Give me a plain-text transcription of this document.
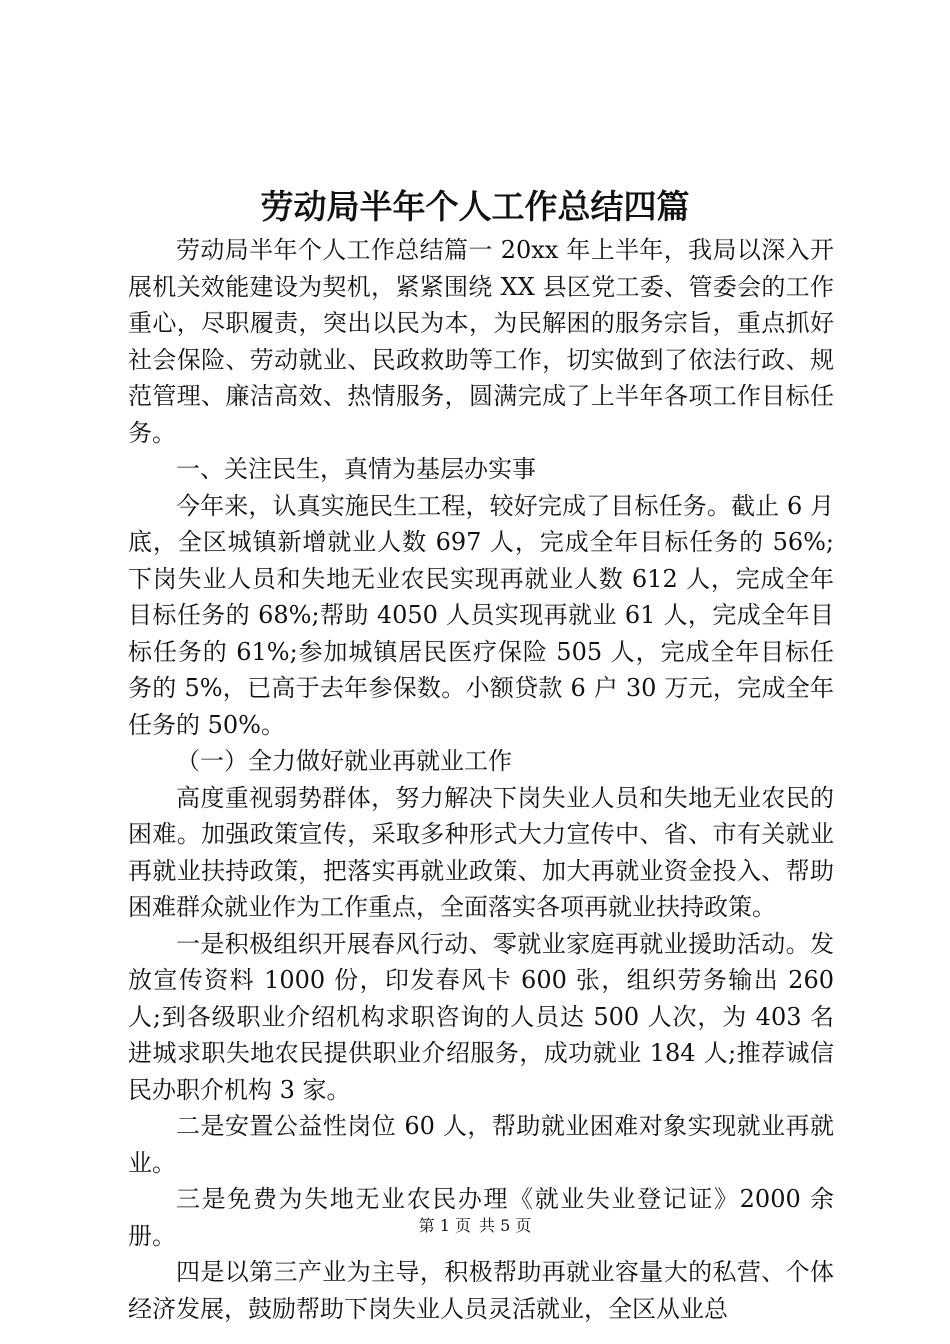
劳动局半年个人工作总结四篇

劳动局半年个人工作总结篇一 20xx 年上半年，我局以深入开展机关效能建设为契机，紧紧围绕 XX 县区党工委、管委会的工作重心，尽职履责，突出以民为本，为民解困的服务宗旨，重点抓好社会保险、劳动就业、民政救助等工作，切实做到了依法行政、规范管理、廉洁高效、热情服务，圆满完成了上半年各项工作目标任务。

一、关注民生，真情为基层办实事

今年来，认真实施民生工程，较好完成了目标任务。截止 6 月底，全区城镇新增就业人数 697 人，完成全年目标任务的 56%;下岗失业人员和失地无业农民实现再就业人数 612 人，完成全年目标任务的 68%;帮助 4050 人员实现再就业 61 人，完成全年目标任务的 61%;参加城镇居民医疗保险 505 人，完成全年目标任务的 5%，已高于去年参保数。小额贷款 6 户 30 万元，完成全年任务的 50%。

（一）全力做好就业再就业工作

高度重视弱势群体，努力解决下岗失业人员和失地无业农民的困难。加强政策宣传，采取多种形式大力宣传中、省、市有关就业再就业扶持政策，把落实再就业政策、加大再就业资金投入、帮助困难群众就业作为工作重点，全面落实各项再就业扶持政策。

一是积极组织开展春风行动、零就业家庭再就业援助活动。发放宣传资料 1000 份，印发春风卡 600 张，组织劳务输出 260 人;到各级职业介绍机构求职咨询的人员达 500 人次，为 403 名进城求职失地农民提供职业介绍服务，成功就业 184 人;推荐诚信民办职介机构 3 家。

二是安置公益性岗位 60 人，帮助就业困难对象实现就业再就业。

三是免费为失地无业农民办理《就业失业登记证》2000 余册。

四是以第三产业为主导，积极帮助再就业容量大的私营、个体经济发展，鼓励帮助下岗失业人员灵活就业，全区从业总

第 1 页 共 5 页
